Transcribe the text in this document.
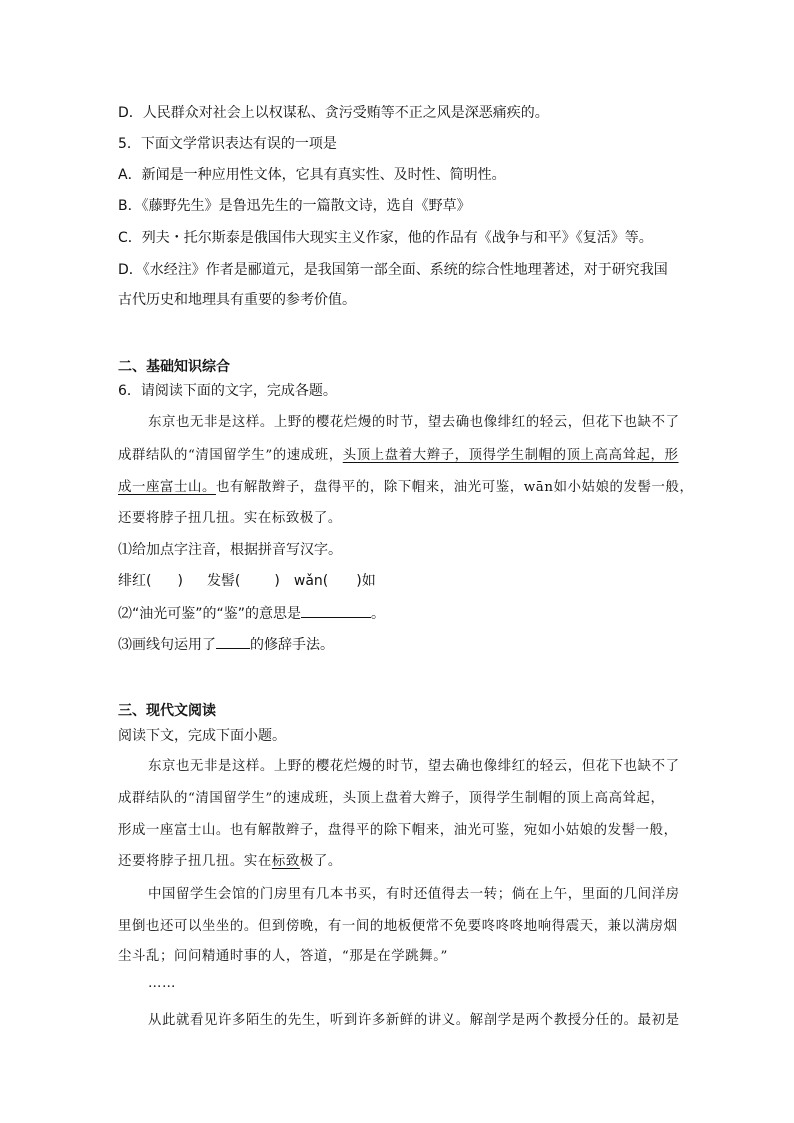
D．人民群众对社会上以权谋私、贪污受贿等不正之风是深恶痛疾的。
5．下面文学常识表达有误的一项是
A．新闻是一种应用性文体，它具有真实性、及时性、简明性。
B．《藤野先生》是鲁迅先生的一篇散文诗，选自《野草》
C．列夫・托尔斯泰是俄国伟大现实主义作家，他的作品有《战争与和平》《复活》等。
D．《水经注》作者是郦道元，是我国第一部全面、系统的综合性地理著述，对于研究我国
古代历史和地理具有重要的参考价值。
二、基础知识综合
6．请阅读下面的文字，完成各题。
东京也无非是这样。上野的樱花烂熳的时节，望去确也像绯红的轻云，但花下也缺不了
成群结队的“清国留学生”的速成班，头顶上盘着大辫子，顶得学生制帽的顶上高高耸起，形
成一座富士山。也有解散辫子，盘得平的，除下帽来，油光可鉴，wān如小姑娘的发髻一般，
还要将脖子扭几扭。实在标致极了。
⑴给加点字注音，根据拼音写汉字。
绯红( ) 发髻( ) wǎn( )如
⑵“油光可鉴”的“鉴”的意思是	。
⑶画线句运用了 的修辞手法。
三、现代文阅读
阅读下文，完成下面小题。
东京也无非是这样。上野的樱花烂熳的时节，望去确也像绯红的轻云，但花下也缺不了
成群结队的“清国留学生”的速成班，头顶上盘着大辫子，顶得学生制帽的顶上高高耸起，
形成一座富士山。也有解散辫子，盘得平的除下帽来，油光可鉴，宛如小姑娘的发髻一般，
还要将脖子扭几扭。实在标致极了。
中国留学生会馆的门房里有几本书买，有时还值得去一转；倘在上午，里面的几间洋房
里倒也还可以坐坐的。但到傍晚，有一间的地板便常不免要咚咚咚地响得震天，兼以满房烟
尘斗乱；问问精通时事的人，答道，“那是在学跳舞。”
……
从此就看见许多陌生的先生，听到许多新鲜的讲义。解剖学是两个教授分任的。最初是
